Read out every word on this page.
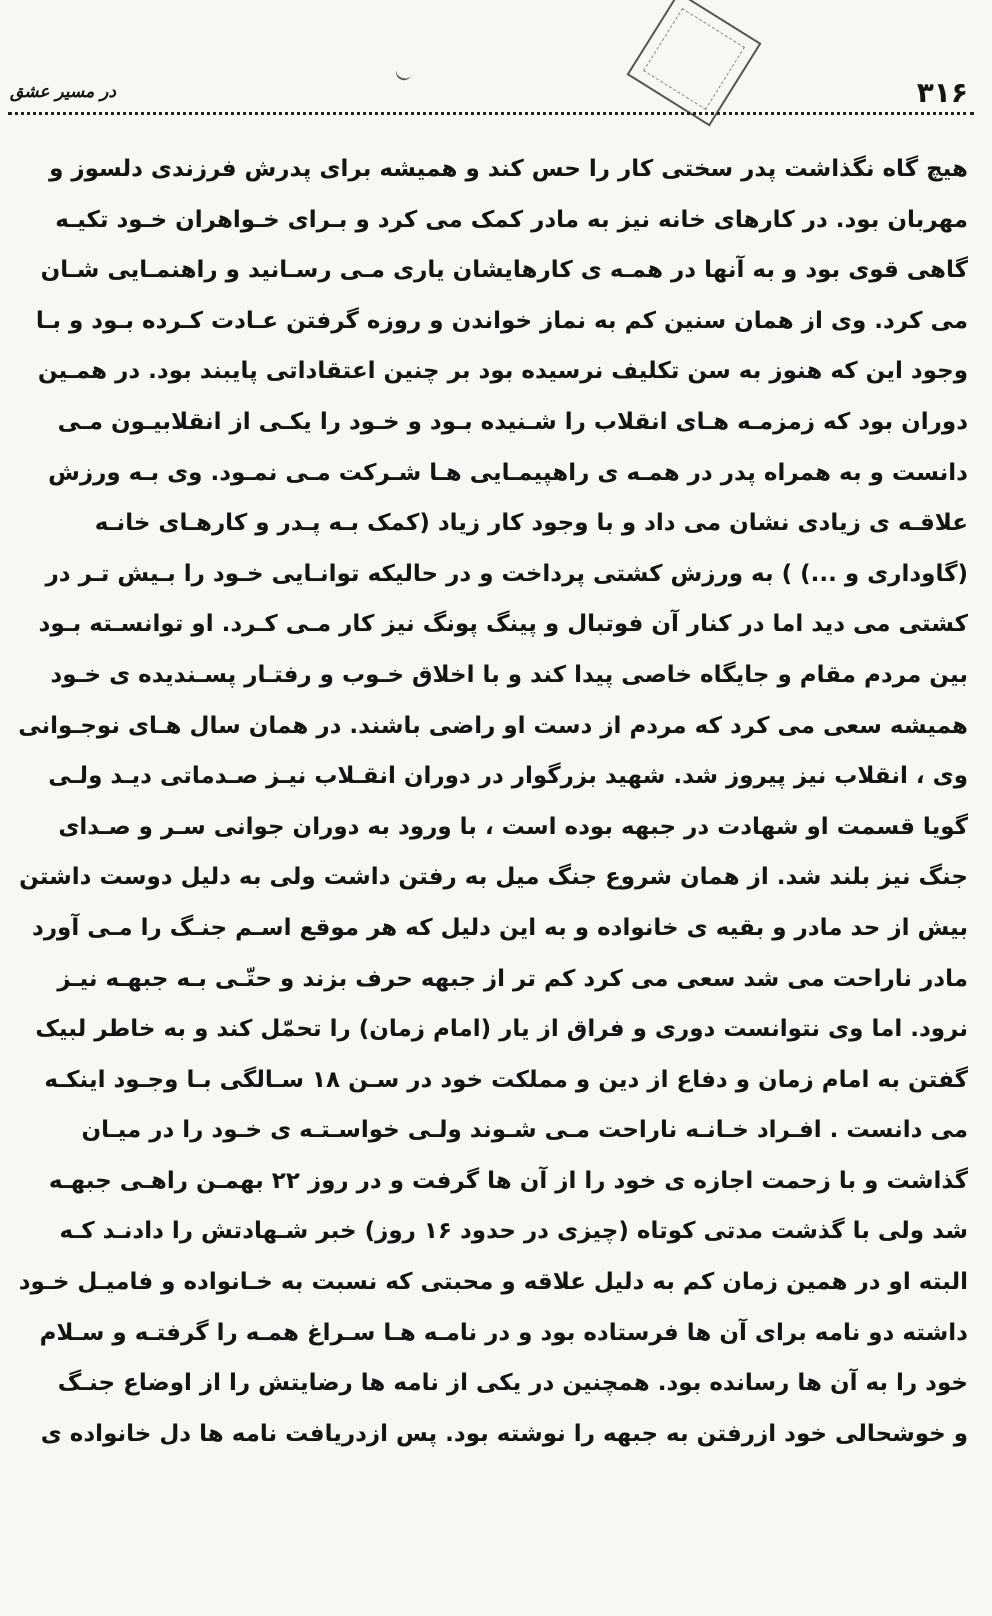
در مسیر عشق	۳۱۶
هیچ گاه نگذاشت پدر سختی کار را حس کند و همیشه برای پدرش فرزندی دلسوز و
مهربان بود. در کارهای خانه نیز به مادر کمک می کرد و بـرای خـواهران خـود تکیـه
گاهی قوی بود و به آنها در همـه ی کارهایشان یاری مـی رسـانید و راهنمـایی شـان
می کرد. وی از همان سنین کم به نماز خواندن و روزه گرفتن عـادت کـرده بـود و بـا
وجود این که هنوز به سن تکلیف نرسیده بود بر چنین اعتقاداتی پایبند بود. در همـین
دوران بود که زمزمـه هـای انقلاب را شـنیده بـود و خـود را یکـی از انقلابیـون مـی
دانست و به همراه پدر در همـه ی راهپیمـایی هـا شـرکت مـی نمـود. وی بـه ورزش
علاقـه ی زیادی نشان می داد و با وجود کار زیاد (کمک بـه پـدر و کارهـای خانـه
(گاوداری و ...) ) به ورزش کشتی پرداخت و در حالیکه توانـایی خـود را بـیش تـر در
کشتی می دید اما در کنار آن فوتبال و پینگ پونگ نیز کار مـی کـرد. او توانسـته بـود
بین مردم مقام و جایگاه خاصی پیدا کند و با اخلاق خـوب و رفتـار پسـندیده ی خـود
همیشه سعی می کرد که مردم از دست او راضی باشند. در همان سال هـای نوجـوانی
وی ، انقلاب نیز پیروز شد. شهید بزرگوار در دوران انقـلاب نیـز صـدماتی دیـد ولـی
گویا قسمت او شهادت در جبهه بوده است ، با ورود به دوران جوانی سـر و صـدای
جنگ نیز بلند شد. از همان شروع جنگ میل به رفتن داشت ولی به دلیل دوست داشتن
بیش از حد مادر و بقیه ی خانواده و به این دلیل که هر موقع اسـم جنـگ را مـی آورد
مادر ناراحت می شد سعی می کرد کم تر از جبهه حرف بزند و حتّـی بـه جبهـه نیـز
نرود. اما وی نتوانست دوری و فراق از یار (امام زمان) را تحمّل کند و به خاطر لبیک
گفتن به امام زمان و دفاع از دین و مملکت خود در سـن ۱۸ سـالگی بـا وجـود اینکـه
می دانست . افـراد خـانـه ناراحت مـی شـوند ولـی خواسـتـه ی خـود را در میـان
گذاشت و با زحمت اجازه ی خود را از آن ها گرفت و در روز ۲۲ بهمـن راهـی جبهـه
شد ولی با گذشت مدتی کوتاه (چیزی در حدود ۱۶ روز) خبر شـهادتش را دادنـد کـه
البته او در همین زمان کم به دلیل علاقه و محبتی که نسبت به خـانواده و فامیـل خـود
داشته دو نامه برای آن ها فرستاده بود و در نامـه هـا سـراغ همـه را گرفتـه و سـلام
خود را به آن ها رسانده بود. همچنین در یکی از نامه ها رضایتش را از اوضاع جنـگ
و خوشحالی خود ازرفتن به جبهه را نوشته بود. پس ازدریافت نامه ها دل خانواده ی
